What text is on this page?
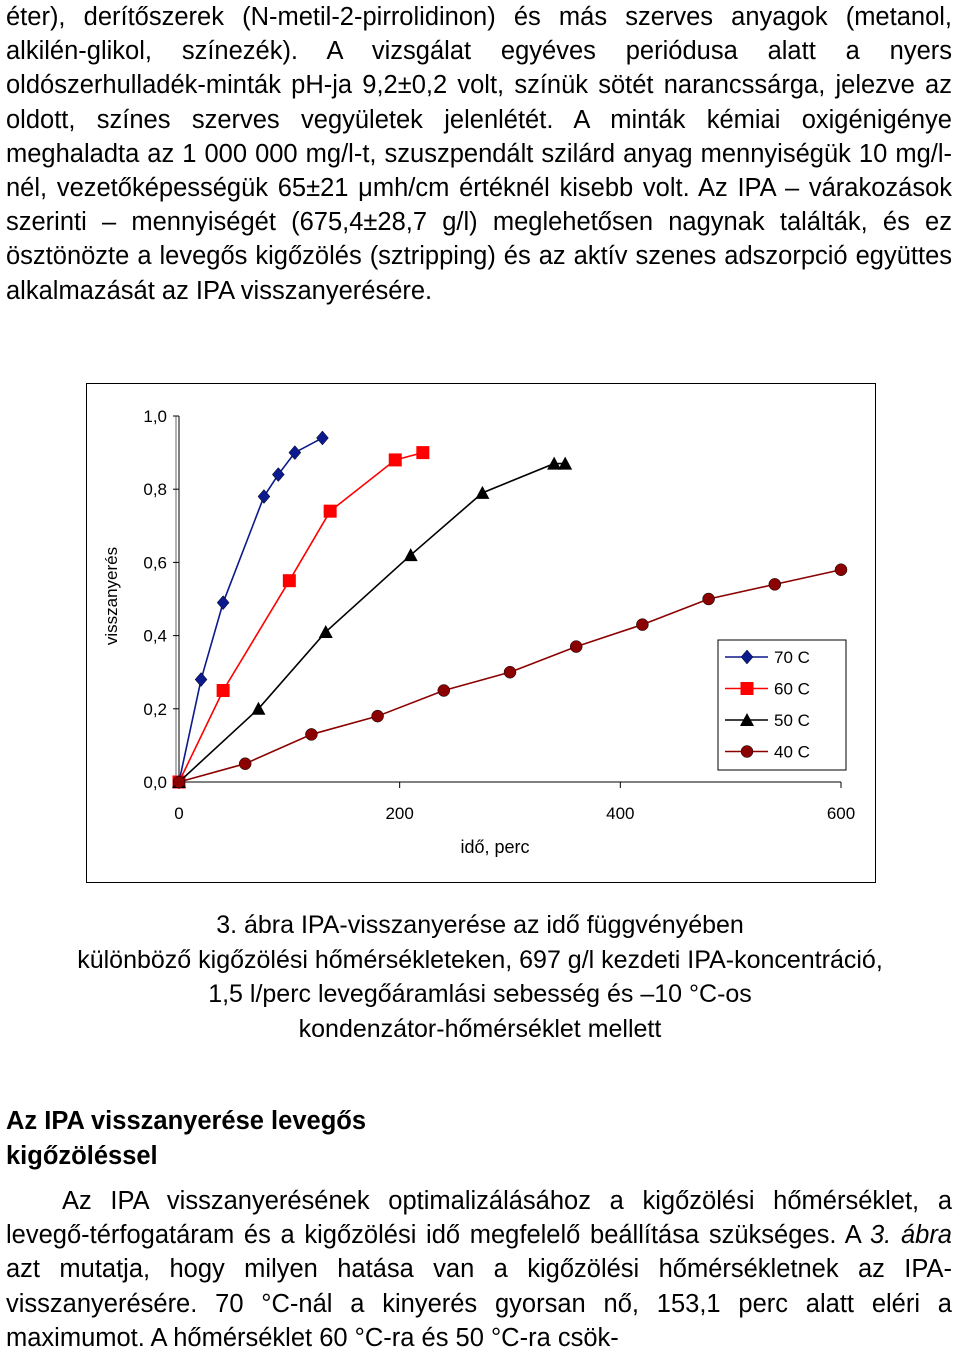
éter), derítőszerek (N-metil-2-pirrolidinon) és más szerves anyagok (metanol, alkilén-glikol, színezék). A vizsgálat egyéves periódusa alatt a nyers oldószerhulladék-minták pH-ja 9,2±0,2 volt, színük sötét narancssárga, jelezve az oldott, színes szerves vegyületek jelenlétét. A minták kémiai oxigénigénye meghaladta az 1 000 000 mg/l-t, szuszpendált szilárd anyag mennyiségük 10 mg/l-nél, vezetőképességük 65±21 μmh/cm értéknél kisebb volt. Az IPA – várakozások szerinti – mennyiségét (675,4±28,7 g/l) meglehetősen nagynak találták, és ez ösztönözte a levegős kigőzölés (sztripping) és az aktív szenes adszorpció együttes alkalmazását az IPA visszanyerésére.
0,0
0,2
0,4
0,6
0,8
1,0
0	200	400	600
70 C
60 C
50 C
40 C
visszanyerés
idő, perc
3. ábra IPA-visszanyerése az idő függvényében
különböző kigőzölési hőmérsékleteken, 697 g/l kezdeti IPA-koncentráció,
1,5 l/perc levegőáramlási sebesség és –10 °C-os
kondenzátor-hőmérséklet mellett
Az IPA visszanyerése levegős
kigőzöléssel
Az IPA visszanyerésének optimalizálásához a kigőzölési hőmérséklet, a levegő-térfogatáram és a kigőzölési idő megfelelő beállítása szükséges. A 3. ábra azt mutatja, hogy milyen hatása van a kigőzölési hőmérsékletnek az IPA-visszanyerésére. 70 °C-nál a kinyerés gyorsan nő, 153,1 perc alatt eléri a maximumot. A hőmérséklet 60 °C-ra és 50 °C-ra csök-
